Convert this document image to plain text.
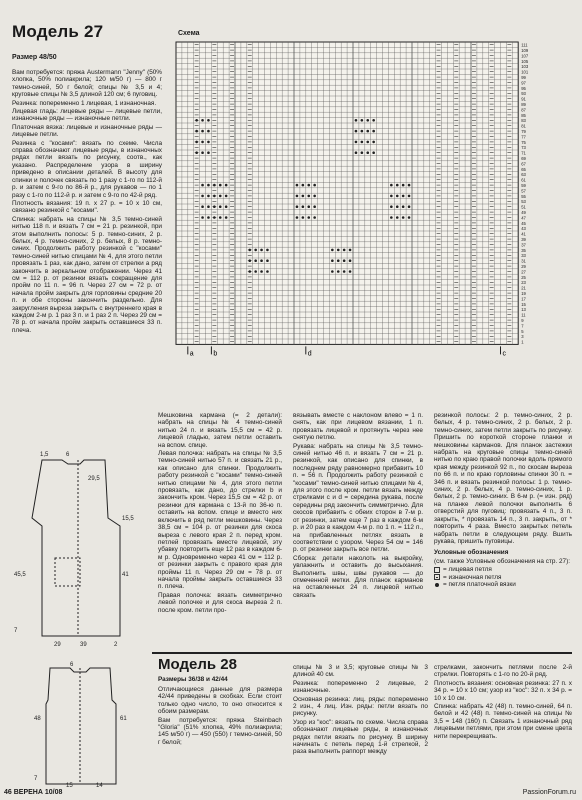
Модель 27
Размер 48/50

Вам потребуется: пряжа Austermann "Jenny" (50% хлопка, 50% полиакрила; 120 м/50 г) — 800 г темно-синей, 50 г белой; спицы № 3,5 и 4; круговые спицы № 3,5 длиной 120 см; 6 пуговиц.

Резинка: попеременно 1 лицевая, 1 изнаночная.

Лицевая гладь: лицевые ряды — лицевые петли, изнаночные ряды — изнаночные петли.

Платочная вязка: лицевые и изнаночные ряды — лицевые петли.

Резинка с "косами": вязать по схеме. Числа справа обозначают лицевые ряды, в изнаночных рядах петли вязать по рисунку, соотв., как указано. Распределение узора в ширину приведено в описании деталей. В высоту для спинки и полочек связать по 1 разу с 1-го по 112-й р. и затем с 9-го по 86-й р., для рукавов — по 1 разу с 1-го по 112-й р. и затем с 9-го по 42-й ряд.

Плотность вязания: 19 п. х 27 р. = 10 х 10 см, связано резинкой с "косами".

Спинка: набрать на спицы № 3,5 темно-синей нитью 118 п. и вязать 7 см = 21 р. резинкой, при этом выполнить полосы: 5 р. темно-синих, 2 р. белых, 4 р. темно-синих, 2 р. белых, 8 р. темно-синих. Продолжить работу резинкой с "косами" темно-синей нитью спицами № 4, для этого петли провязать 1 раз, как дано, затем от стрелки a ряд закончить в зеркальном отображении. Через 41 см = 112 р. от резинки вязать сокращение для пройм по 11 п. = 96 п. Через 27 см = 72 р. от начала пройм закрыть для горловины средние 20 п. и обе стороны закончить раздельно. Для закругления выреза закрыть с внутреннего края в каждом 2-м р. 1 раз 3 п. и 1 раз 2 п. Через 29 см = 78 р. от начала пройм закрыть оставшиеся 33 п. плеча.

Схема
111
109
107
105
103
101
99
97
95
93
91
89
87
85
83
81
79
77
75
73
71
69
67
65
63
61
59
57
55
53
51
49
47
45
43
41
39
37
35
33
31
29
27
25
23
21
19
17
15
13
11
9
7
5
3
1
a	b	d	c
1,5	6
29,5
15,5
45,5	41
7
29	39	2

Мешковина кармана (= 2 детали): набрать на спицы № 4 темно-синей нитью 24 п. и вязать 15,5 см = 42 р. лицевой гладью, затем петли оставить на вспом. спице.

Левая полочка: набрать на спицы № 3,5 темно-синей нитью 57 п. и связать 21 р., как описано для спинки. Продолжить работу резинкой с "косами" темно-синей нитью спицами № 4, для этого петли провязать, как дано, до стрелки b и закончить кром. Через 15,5 см = 42 р. от резинки для кармана с 13-й по 36-ю п. оставить на вспом. спице и вместо них включить в ряд петли мешковины. Через 38,5 см = 104 р. от резинки для скоса выреза с левого края 2 п. перед кром. петлей провязать вместе лицевой, эту убавку повторить еще 12 раз в каждом 6-м р. Одновременно через 41 см = 112 р. от резинки закрыть с правого края для проймы 11 п. Через 29 см = 78 р. от начала проймы закрыть оставшиеся 33 п. плеча.

Правая полочка: вязать симметрично левой полочке и для скоса выреза 2 п. после кром. петли про-

вязывать вместе с наклоном влево = 1 п. снять, как при лицевом вязании, 1 п. провязать лицевой и протянуть через нее снятую петлю.

Рукава: набрать на спицы № 3,5 темно-синей нитью 46 п. и вязать 7 см = 21 р. резинкой, как описано для спинки, в последнем ряду равномерно прибавить 10 п. = 56 п. Продолжить работу резинкой с "косами" темно-синей нитью спицами № 4, для этого после кром. петли вязать между стрелками c и d = середина рукава, после середины ряд закончить симметрично. Для скосов прибавить с обеих сторон в 7-м р. от резинки, затем еще 7 раз в каждом 6-м р. и 20 раз в каждом 4-м р. по 1 п. = 112 п., на прибавленных петлях вязать в соответствии с узором. Через 54 см = 146 р. от резинки закрыть все петли.

Сборка: детали наколоть на выкройку, увлажнить и оставить до высыхания. Выполнить швы, швы рукавов — до отмеченной метки. Для планок карманов на оставленных 24 п. лицевой нитью связать

резинкой полосы: 2 р. темно-синих, 2 р. белых, 4 р. темно-синих, 2 р. белых, 2 р. темно-синих, затем петли закрыть по рисунку. Пришить по короткой стороне планки и мешковины карманов. Для планок застежки набрать на круговые спицы темно-синей нитью по краю правой полочки вдоль прямого края между резинкой 92 п., по скосам выреза по 66 п. и по краю горловины спинки 30 п. = 346 п. и вязать резинкой полосы: 1 р. темно-синих, 2 р. белых, 4 р. темно-синих, 1 р. белых, 2 р. темно-синих. В 6-м р. (= изн. ряд) на планке левой полочки выполнить 6 отверстий для пуговиц: провязать 4 п., 3 п. закрыть, * провязать 14 п., 3 п. закрыть, от * повторить 4 раза. Вместо закрытых петель набрать петли в следующем ряду. Вшить рукава, пришить пуговицы.

Условные обозначения

(см. также Условные обозначения на стр. 27):

= лицевая петля
= изнаночная петля
= петля платочной вязки
Модель 28
Размеры 36/38 и 42/44

Отличающиеся данные для размера 42/44 приведены в скобках. Если стоит только одно число, то оно относится к обоим размерам.

Вам потребуется: пряжа Steinbach "Gloria" (51% хлопка, 49% полиакрила; 145 м/50 г) — 450 (550) г темно-синей, 50 г белой;

спицы № 3 и 3,5; круговые спицы № 3 длиной 40 см.

Резинка: попеременно 2 лицевые, 2 изнаночные.

Основная резинка: лиц. ряды: попеременно 2 изн., 4 лиц. Изн. ряды: петли вязать по рисунку.

Узор из "кос": вязать по схеме. Числа справа обозначают лицевые ряды, в изнаночных рядах петли вязать по рисунку. В ширину начинать с петель перед 1-й стрелкой, 2 раза выполнить раппорт между

стрелками, закончить петлями после 2-й стрелки. Повторять с 1-го по 20-й ряд.

Плотность вязания: основная резинка: 27 п. х 34 р. = 10 х 10 см; узор из "кос": 32 п. х 34 р. = 10 х 10 см.

Спинка: набрать 42 (48) п. темно-синей, 64 п. белой и 42 (48) п. темно-синей на спицы № 3,5 = 148 (160) п. Связать 1 изнаночный ряд лицевыми петлями, при этом при смене цвета нити перекрещивать.

6
48	61
7
15	14
46 ВЕРЕНА 10/08	PassionForum.ru
